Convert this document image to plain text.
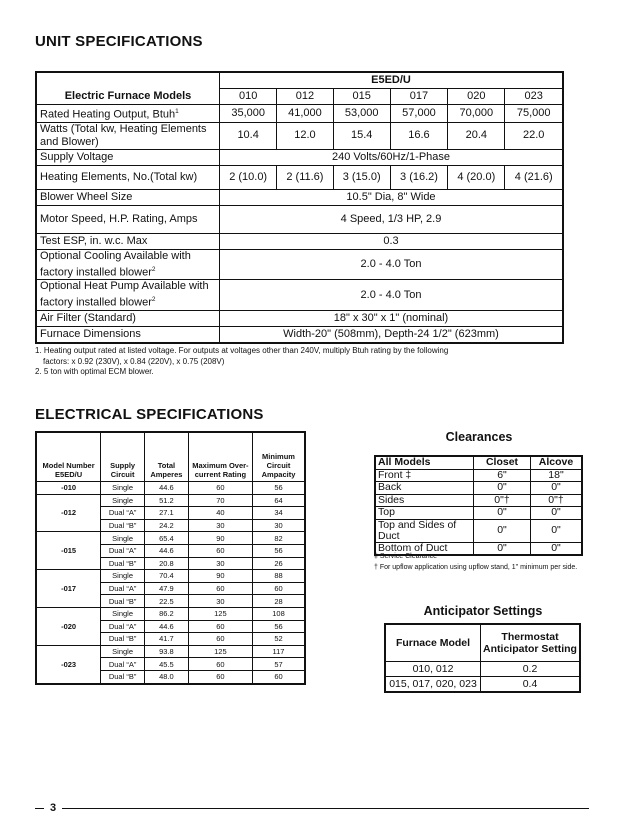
UNIT SPECIFICATIONS
	E5ED/U					
Electric Furnace Models	010	012	015	017	020	023
Rated Heating Output, Btuh$^1$	35,000	41,000	53,000	57,000	70,000	75,000
Watts (Total kw, Heating Elements and Blower)	10.4	12.0	15.4	16.6	20.4	22.0
Supply Voltage	240 Volts/60Hz/1-Phase					
Heating Elements, No.(Total kw)	2 (10.0)	2 (11.6)	3 (15.0)	3 (16.2)	4 (20.0)	4 (21.6)
Blower Wheel Size	10.5" Dia, 8" Wide					
Motor Speed, H.P. Rating, Amps	4 Speed, 1/3 HP, 2.9					
Test ESP, in. w.c. Max	0.3					
Optional Cooling Available with factory installed blower$^2$	2.0 - 4.0 Ton					
Optional Heat Pump Available with factory installed blower$^2$	2.0 - 4.0 Ton					
Air Filter (Standard)	18" x 30" x 1" (nominal)					
Furnace Dimensions	Width-20" (508mm), Depth-24 1/2" (623mm)					
1. Heating output rated at listed voltage. For outputs at voltages other than 240V, multiply Btuh rating by the following
factors: x 0.92 (230V), x 0.84 (220V), x 0.75 (208V)
2. 5 ton with optimal ECM blower.
ELECTRICAL SPECIFICATIONS
Model Number E5ED/U	Supply Circuit	Total Amperes	Maximum Over-current Rating	Minimum Circuit Ampacity
-010	Single	44.6	60	56
-012	Single	51.2	70	64
	Dual “A”	27.1	40	34
	Dual “B”	24.2	30	30
-015	Single	65.4	90	82
	Dual “A”	44.6	60	56
	Dual “B”	20.8	30	26
-017	Single	70.4	90	88
	Dual “A”	47.9	60	60
	Dual “B”	22.5	30	28
-020	Single	86.2	125	108
	Dual “A”	44.6	60	56
	Dual “B”	41.7	60	52
-023	Single	93.8	125	117
	Dual “A”	45.5	60	57
	Dual “B”	48.0	60	60
Clearances
All Models	Closet	Alcove
Front ‡	6"	18"
Back	0"	0"
Sides	0"†	0"†
Top	0"	0"
Top and Sides of Duct	0"	0"
Bottom of Duct	0"	0"
‡ Service Clearance
† For upflow application using upflow stand, 1" minimum per side.
Anticipator Settings
Furnace Model	Thermostat Anticipator Setting
010, 012	0.2
015, 017, 020, 023	0.4
3
